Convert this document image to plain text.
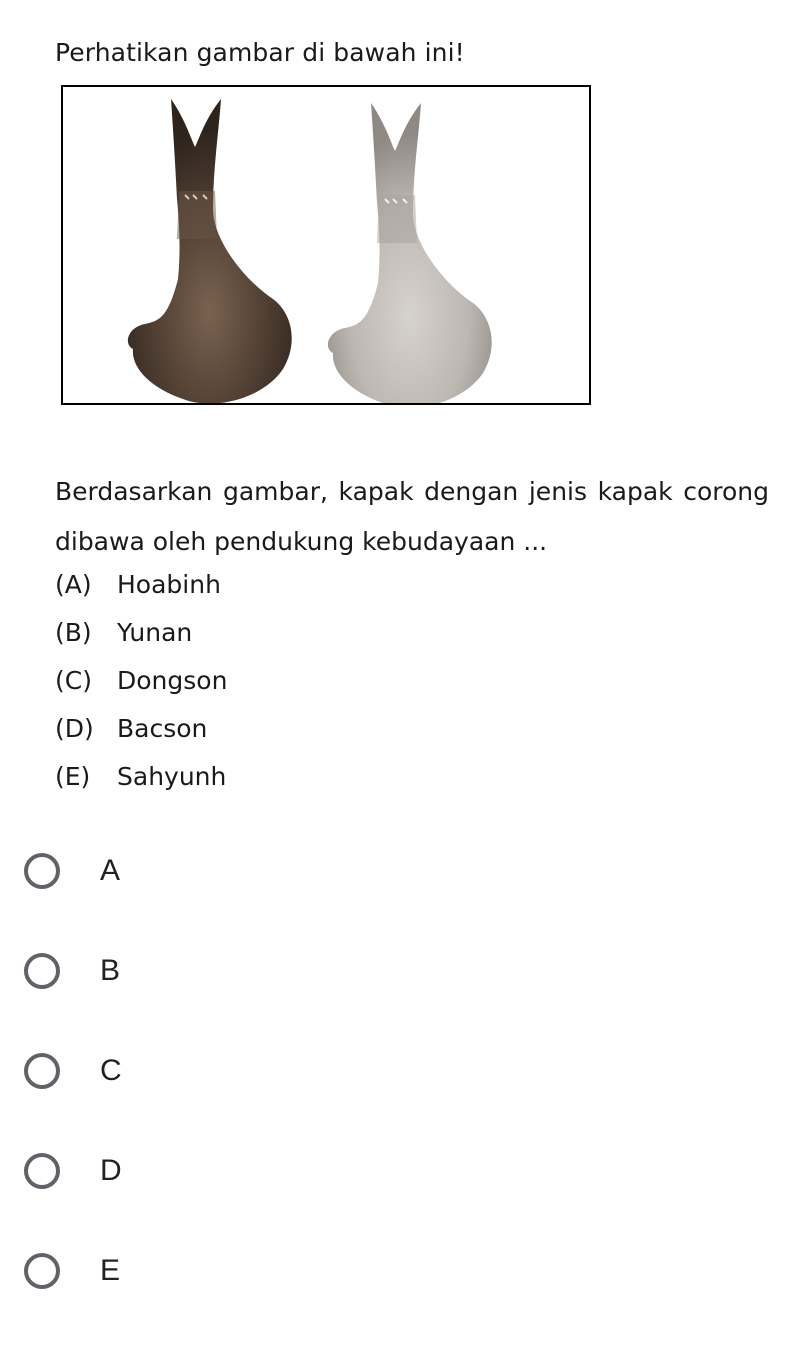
Perhatikan gambar di bawah ini!

Berdasarkan gambar, kapak dengan jenis kapak corong dibawa oleh pendukung kebudayaan ...

(A)	Hoabinh
(B)	Yunan
(C)	Dongson
(D) Bacson
(E)	Sahyunh
A
B
C
D
E
